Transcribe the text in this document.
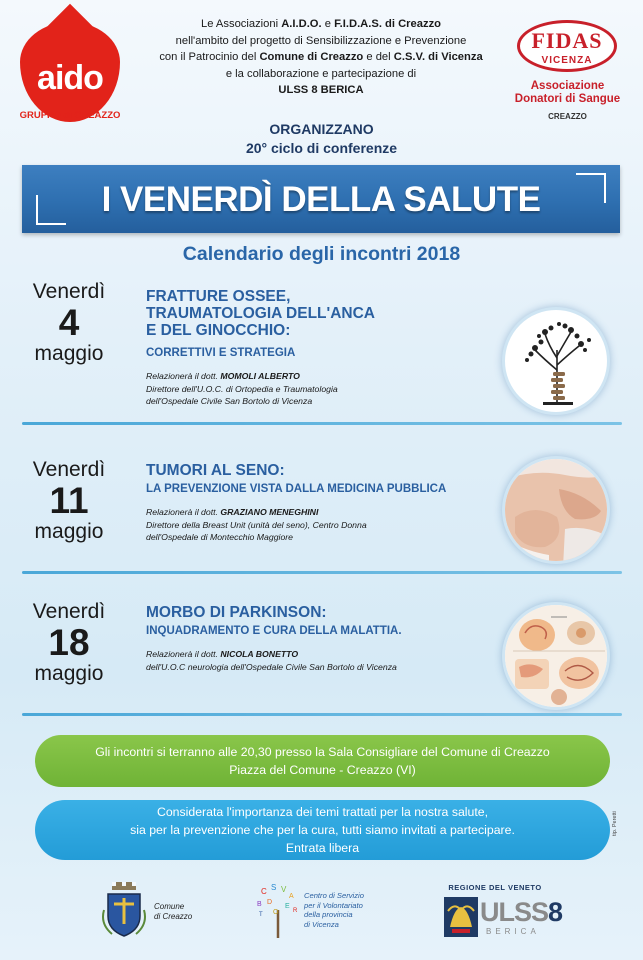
Le Associazioni A.I.D.O. e F.I.D.A.S. di Creazzo
nell'ambito del progetto di Sensibilizzazione e Prevenzione
con il Patrocinio del Comune di Creazzo e del C.S.V. di Vicenza
e la collaborazione e partecipazione di
ULSS 8 BERICA
aido
GRUPPO di CREAZZO
FIDAS
VICENZA
Associazione
Donatori di Sangue
CREAZZO
ORGANIZZANO
20° ciclo di conferenze
I VENERDÌ DELLA SALUTE
Calendario degli incontri 2018
Venerdì
4
maggio
FRATTURE OSSEE,
TRAUMATOLOGIA DELL'ANCA
E DEL GINOCCHIO:
CORRETTIVI E STRATEGIA
Relazionerà il dott. MOMOLI ALBERTO
Direttore dell'U.O.C. di Ortopedia e Traumatologia
dell'Ospedale Civile San Bortolo di Vicenza
Venerdì
11
maggio
TUMORI AL SENO:
LA PREVENZIONE VISTA DALLA MEDICINA PUBBLICA
Relazionerà il dott. GRAZIANO MENEGHINI
Direttore della Breast Unit (unità del seno), Centro Donna
dell'Ospedale di Montecchio Maggiore
Venerdì
18
maggio
MORBO DI PARKINSON:
INQUADRAMENTO E CURA DELLA MALATTIA.
Relazionerà il dott. NICOLA BONETTO
dell'U.O.C neurologia dell'Ospedale Civile San Bortolo di Vicenza
Gli incontri si terranno alle 20,30 presso la Sala Consigliare del Comune di Creazzo
Piazza del Comune - Creazzo (VI)
Considerata l'importanza dei temi trattati per la nostra salute,
sia per la prevenzione che per la cura, tutti siamo invitati a partecipare.
Entrata libera
tip. Peretti
Comune
di Creazzo
C S V
A
B D
E
R
T O
Centro di Servizio
per il Volontariato
della provincia
di Vicenza
REGIONE DEL VENETO
ULSS8
BERICA
